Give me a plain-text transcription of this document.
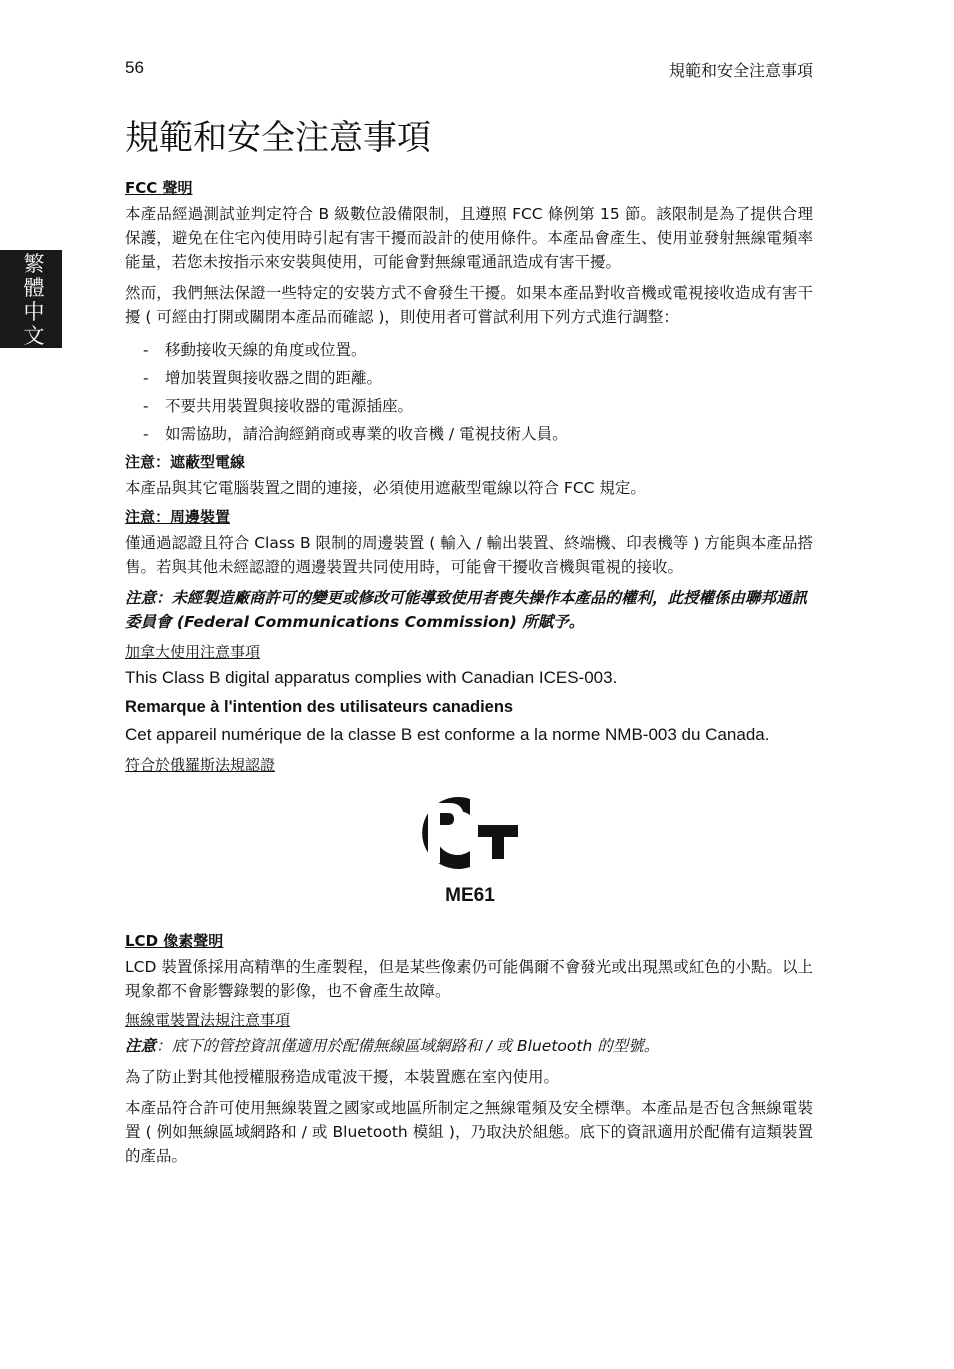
56	規範和安全注意事項
繁體中文
規範和安全注意事項
FCC 聲明

本產品經過測試並判定符合 B 級數位設備限制，且遵照 FCC 條例第 15 節。該限制是為了提供合理保護，避免在住宅內使用時引起有害干擾而設計的使用條件。本產品會產生、使用並發射無線電頻率能量，若您未按指示來安裝與使用，可能會對無線電通訊造成有害干擾。

然而，我們無法保證一些特定的安裝方式不會發生干擾。如果本產品對收音機或電視接收造成有害干擾 ( 可經由打開或關閉本產品而確認 )，則使用者可嘗試利用下列方式進行調整：

- 移動接收天線的角度或位置。
- 增加裝置與接收器之間的距離。
- 不要共用裝置與接收器的電源插座。
- 如需協助，請洽詢經銷商或專業的收音機 / 電視技術人員。
注意：遮蔽型電線

本產品與其它電腦裝置之間的連接，必須使用遮蔽型電線以符合 FCC 規定。

注意：周邊裝置

僅通過認證且符合 Class B 限制的周邊裝置 ( 輸入 / 輸出裝置、終端機、印表機等 ) 方能與本產品搭售。若與其他未經認證的週邊裝置共同使用時，可能會干擾收音機與電視的接收。

注意：未經製造廠商許可的變更或修改可能導致使用者喪失操作本產品的權利，此授權係由聯邦通訊委員會 (Federal Communications Commission) 所賦予。
加拿大使用注意事項

This Class B digital apparatus complies with Canadian ICES-003.

Remarque à l'intention des utilisateurs canadiens

Cet appareil numérique de la classe B est conforme a la norme NMB-003 du Canada.

符合於俄羅斯法規認證
ME61
LCD 像素聲明

LCD 裝置係採用高精準的生產製程，但是某些像素仍可能偶爾不會發光或出現黑或紅色的小點。以上現象都不會影響錄製的影像，也不會產生故障。

無線電裝置法規注意事項

注意：底下的管控資訊僅適用於配備無線區域網路和 / 或 Bluetooth 的型號。

為了防止對其他授權服務造成電波干擾，本裝置應在室內使用。

本產品符合許可使用無線裝置之國家或地區所制定之無線電頻及安全標準。本產品是否包含無線電裝置 ( 例如無線區域網路和 / 或 Bluetooth 模組 )，乃取決於組態。底下的資訊適用於配備有這類裝置的產品。
